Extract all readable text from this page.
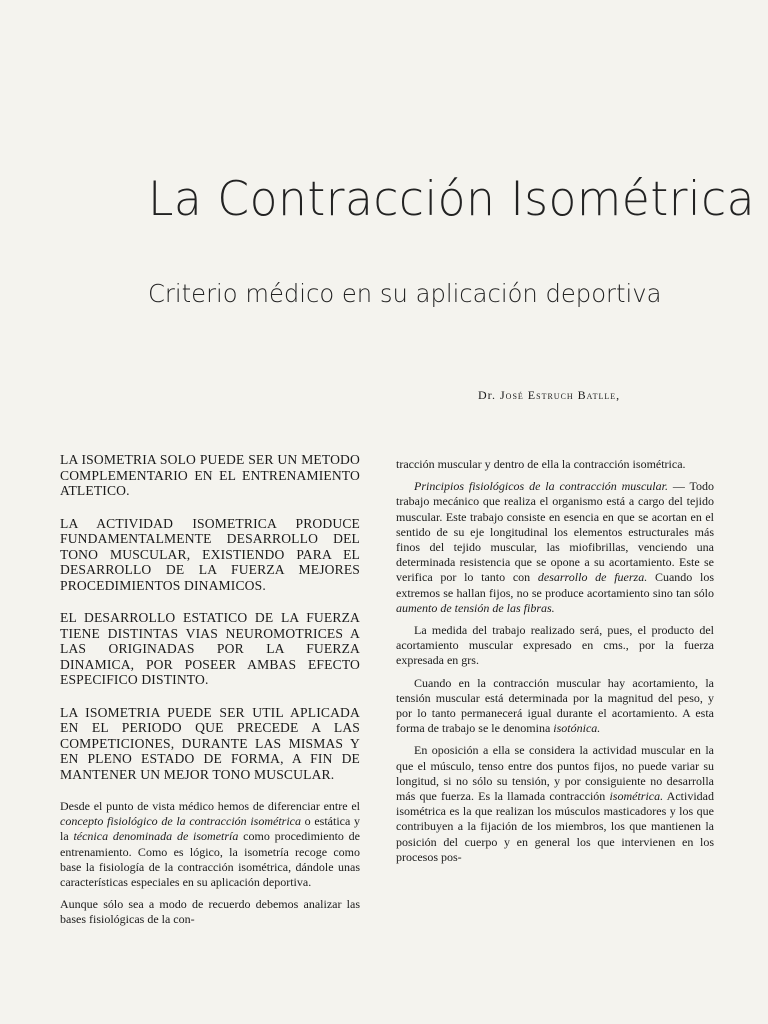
La Contracción Isométrica
Criterio médico en su aplicación deportiva

Dr. José Estruch Batlle,

LA ISOMETRIA SOLO PUEDE SER UN METODO COMPLEMENTARIO EN EL ENTRENAMIENTO ATLETICO.

LA ACTIVIDAD ISOMETRICA PRODUCE FUNDAMENTALMENTE DESARROLLO DEL TONO MUSCULAR, EXISTIENDO PARA EL DESARROLLO DE LA FUERZA MEJORES PROCEDIMIENTOS DINAMICOS.

EL DESARROLLO ESTATICO DE LA FUERZA TIENE DISTINTAS VIAS NEUROMOTRICES A LAS ORIGINADAS POR LA FUERZA DINAMICA, POR POSEER AMBAS EFECTO ESPECIFICO DISTINTO.

LA ISOMETRIA PUEDE SER UTIL APLICADA EN EL PERIODO QUE PRECEDE A LAS COMPETICIONES, DURANTE LAS MISMAS Y EN PLENO ESTADO DE FORMA, A FIN DE MANTENER UN MEJOR TONO MUSCULAR.

Desde el punto de vista médico hemos de diferenciar entre el concepto fisiológico de la contracción isométrica o estática y la técnica denominada de isometría como procedimiento de entrenamiento. Como es lógico, la isometría recoge como base la fisiología de la contracción isométrica, dándole unas características especiales en su aplicación deportiva.

Aunque sólo sea a modo de recuerdo debemos analizar las bases fisiológicas de la con-

tracción muscular y dentro de ella la contracción isométrica.

Principios fisiológicos de la contracción muscular. — Todo trabajo mecánico que realiza el organismo está a cargo del tejido muscular. Este trabajo consiste en esencia en que se acortan en el sentido de su eje longitudinal los elementos estructurales más finos del tejido muscular, las miofibrillas, venciendo una determinada resistencia que se opone a su acortamiento. Este se verifica por lo tanto con desarrollo de fuerza. Cuando los extremos se hallan fijos, no se produce acortamiento sino tan sólo aumento de tensión de las fibras.

La medida del trabajo realizado será, pues, el producto del acortamiento muscular expresado en cms., por la fuerza expresada en grs.

Cuando en la contracción muscular hay acortamiento, la tensión muscular está determinada por la magnitud del peso, y por lo tanto permanecerá igual durante el acortamiento. A esta forma de trabajo se le denomina isotónica.

En oposición a ella se considera la actividad muscular en la que el músculo, tenso entre dos puntos fijos, no puede variar su longitud, si no sólo su tensión, y por consiguiente no desarrolla más que fuerza. Es la llamada contracción isométrica. Actividad isométrica es la que realizan los músculos masticadores y los que contribuyen a la fijación de los miembros, los que mantienen la posición del cuerpo y en general los que intervienen en los procesos pos-
